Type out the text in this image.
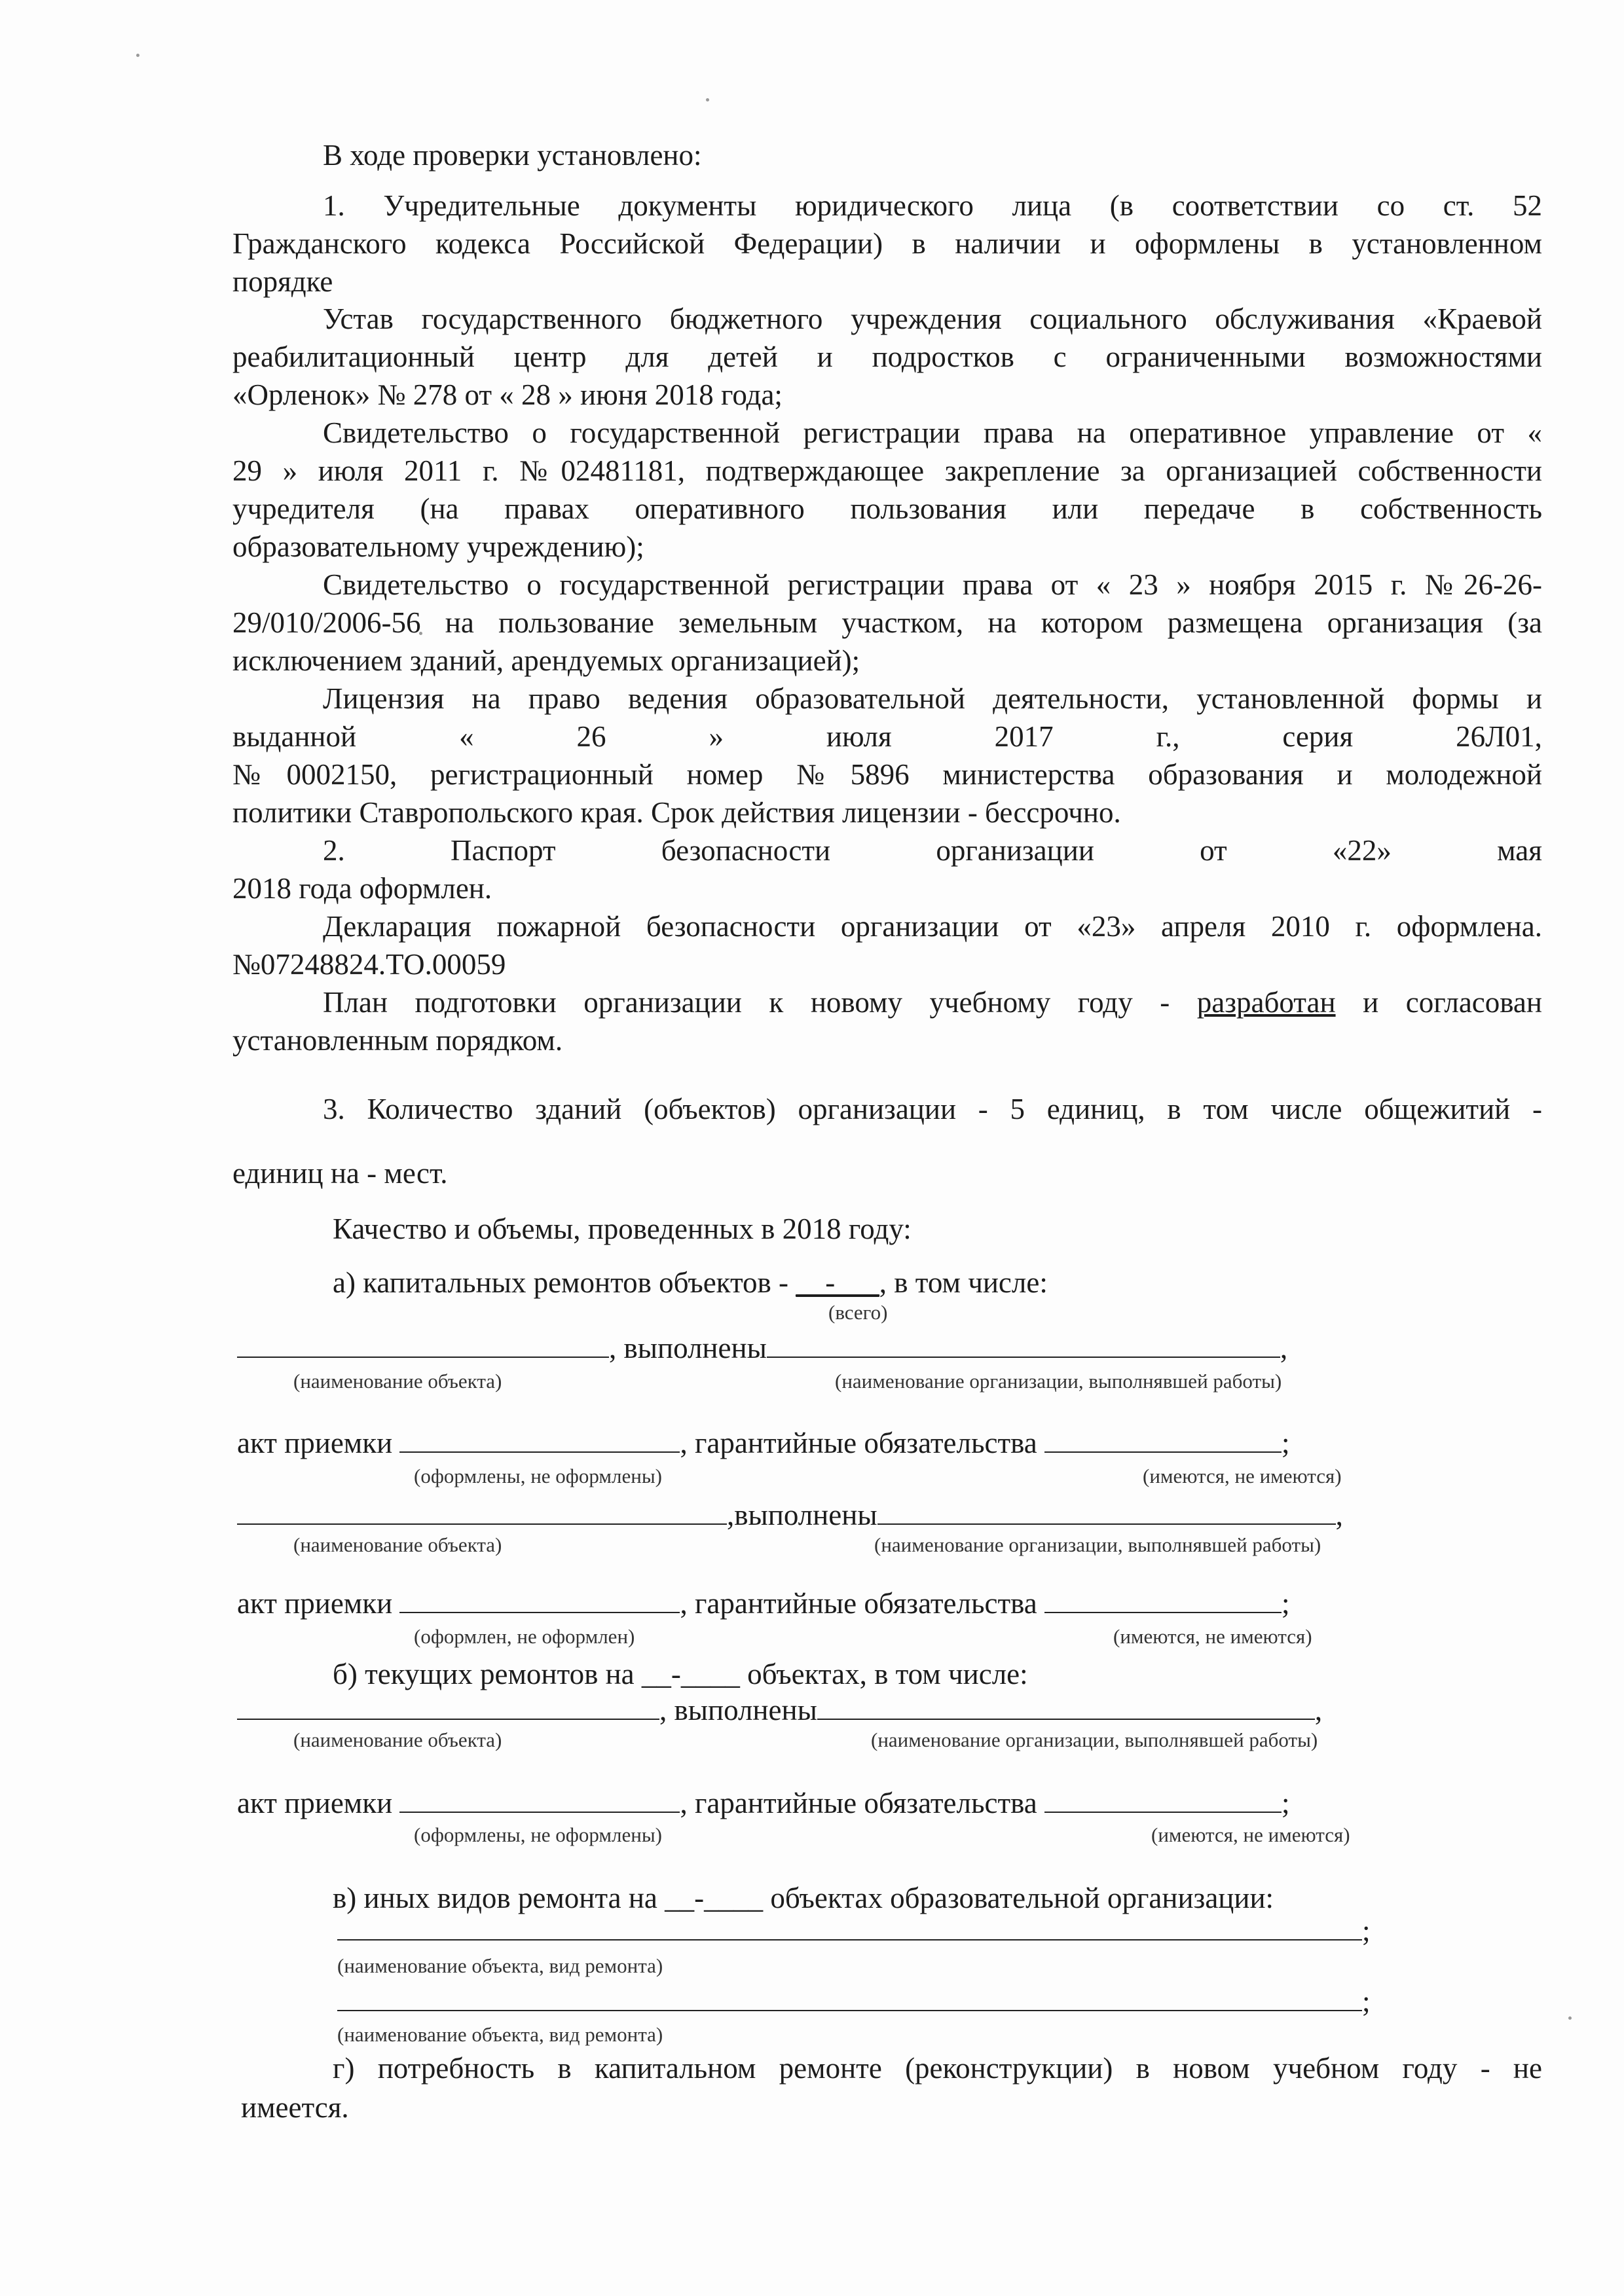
В ходе проверки установлено:
1. Учредительные документы юридического лица (в соответствии со ст. 52
Гражданского кодекса Российской Федерации) в наличии и оформлены в установленном
порядке
Устав государственного бюджетного учреждения социального обслуживания «Краевой
реабилитационный центр для детей и подростков с ограниченными возможностями
«Орленок» № 278 от « 28 » июня 2018 года;
Свидетельство о государственной регистрации права на оперативное управление от «
29 » июля 2011 г. №02481181, подтверждающее закрепление за организацией собственности
учредителя (на правах оперативного пользования или передаче в собственность
образовательному учреждению);
Свидетельство о государственной регистрации права от « 23 » ноября 2015 г. №26-26-
29/010/2006-56 на пользование земельным участком, на котором размещена организация (за
исключением зданий, арендуемых организацией);
Лицензия на право ведения образовательной деятельности, установленной формы и
выданной	«	26	»	июля	2017	г.,	серия	26Л01,
№0002150, регистрационный номер №5896 министерства образования и молодежной
политики Ставропольского края. Срок действия лицензии - бессрочно.
2.	Паспорт	безопасности	организации	от	«22»	мая
2018 года оформлен.
Декларация пожарной безопасности организации от «23» апреля 2010 г. оформлена.
№07248824.ТО.00059
План подготовки организации к новому учебному году - разработан и согласован
установленным порядком.
3. Количество зданий (объектов) организации - 5 единиц, в том числе общежитий -
единиц на - мест.
Качество и объемы, проведенных в 2018 году:
а) капитальных ремонтов объектов - __-___, в том числе:
(всего)
, выполнены	,
(наименование объекта)	(наименование организации, выполнявшей работы)
акт приемки	, гарантийные обязательства	;
(оформлены, не оформлены)	(имеются, не имеются)
,выполнены	,
(наименование объекта)	(наименование организации, выполнявшей работы)
акт приемки	, гарантийные обязательства	;
(оформлен, не оформлен)	(имеются, не имеются)
б) текущих ремонтов на __-____ объектах, в том числе:
, выполнены	,
(наименование объекта)	(наименование организации, выполнявшей работы)
акт приемки	, гарантийные обязательства	;
(оформлены, не оформлены)	(имеются, не имеются)
в) иных видов ремонта на __-____ объектах образовательной организации:
;
(наименование объекта, вид ремонта)
;
(наименование объекта, вид ремонта)
г) потребность в капитальном ремонте (реконструкции) в новом учебном году - не
имеется.
